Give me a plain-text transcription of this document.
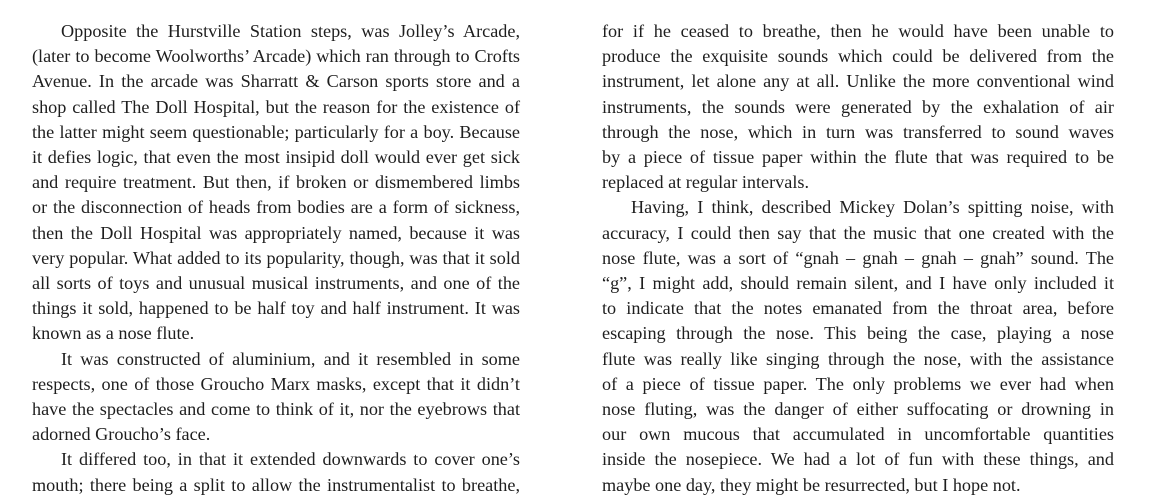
Opposite the Hurstville Station steps, was Jolley’s Arcade,
(later to become Woolworths’ Arcade) which ran through to Crofts
Avenue. In the arcade was Sharratt & Carson sports store and a
shop called The Doll Hospital, but the reason for the existence of
the latter might seem questionable; particularly for a boy. Because
it defies logic, that even the most insipid doll would ever get sick
and require treatment. But then, if broken or dismembered limbs
or the disconnection of heads from bodies are a form of sickness,
then the Doll Hospital was appropriately named, because it was
very popular. What added to its popularity, though, was that it sold
all sorts of toys and unusual musical instruments, and one of the
things it sold, happened to be half toy and half instrument. It was
known as a nose flute.

It was constructed of aluminium, and it resembled in some
respects, one of those Groucho Marx masks, except that it didn’t
have the spectacles and come to think of it, nor the eyebrows that
adorned Groucho’s face.

It differed too, in that it extended downwards to cover one’s
mouth; there being a split to allow the instrumentalist to breathe,

for if he ceased to breathe, then he would have been unable to
produce the exquisite sounds which could be delivered from the
instrument, let alone any at all. Unlike the more conventional wind
instruments, the sounds were generated by the exhalation of air
through the nose, which in turn was transferred to sound waves
by a piece of tissue paper within the flute that was required to be
replaced at regular intervals.

Having, I think, described Mickey Dolan’s spitting noise, with
accuracy, I could then say that the music that one created with the
nose flute, was a sort of “gnah – gnah – gnah – gnah” sound. The
“g”, I might add, should remain silent, and I have only included it
to indicate that the notes emanated from the throat area, before
escaping through the nose. This being the case, playing a nose
flute was really like singing through the nose, with the assistance
of a piece of tissue paper. The only problems we ever had when
nose fluting, was the danger of either suffocating or drowning in
our own mucous that accumulated in uncomfortable quantities
inside the nosepiece. We had a lot of fun with these things, and
maybe one day, they might be resurrected, but I hope not.
